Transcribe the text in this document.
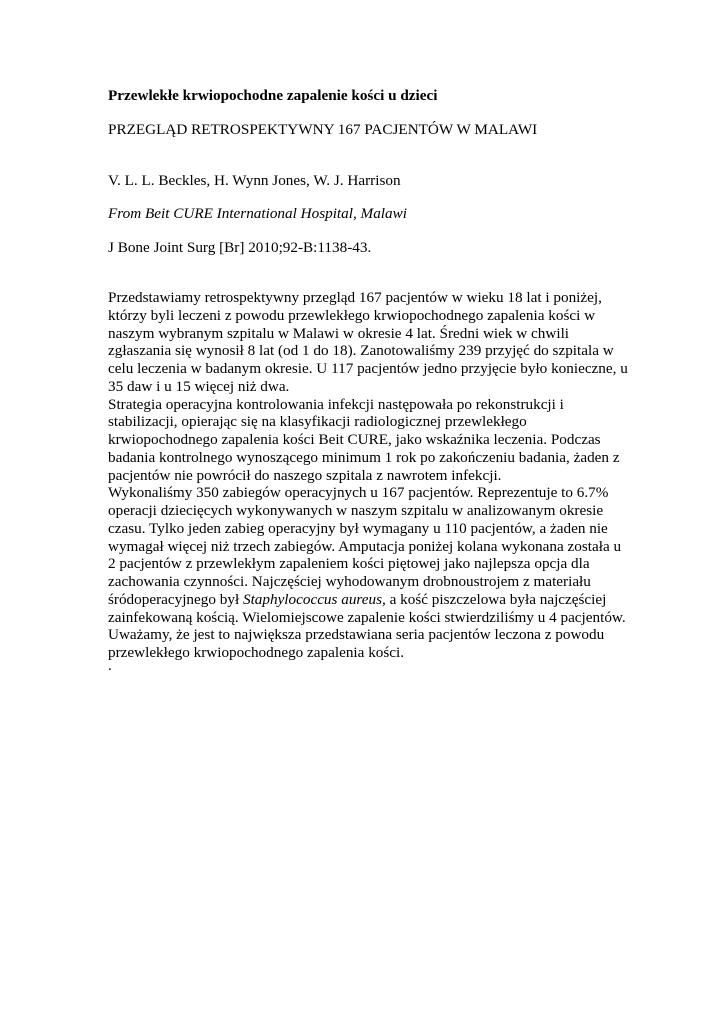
Przewlekłe krwiopochodne zapalenie kości u dzieci

PRZEGLĄD RETROSPEKTYWNY 167 PACJENTÓW W MALAWI

V. L. L. Beckles, H. Wynn Jones, W. J. Harrison

From Beit CURE International Hospital, Malawi

J Bone Joint Surg [Br] 2010;92-B:1138-43.

Przedstawiamy retrospektywny przegląd 167 pacjentów w wieku 18 lat i poniżej,
którzy byli leczeni z powodu przewlekłego krwiopochodnego zapalenia kości w
naszym wybranym szpitalu w Malawi w okresie 4 lat. Średni wiek w chwili
zgłaszania się wynosił 8 lat (od 1 do 18). Zanotowaliśmy 239 przyjęć do szpitala w
celu leczenia w badanym okresie. U 117 pacjentów jedno przyjęcie było konieczne, u
35 daw i u 15 więcej niż dwa.
Strategia operacyjna kontrolowania infekcji następowała po rekonstrukcji i
stabilizacji, opierając się na klasyfikacji radiologicznej przewlekłego
krwiopochodnego zapalenia kości Beit CURE, jako wskaźnika leczenia. Podczas
badania kontrolnego wynoszącego minimum 1 rok po zakończeniu badania, żaden z
pacjentów nie powrócił do naszego szpitala z nawrotem infekcji.
Wykonaliśmy 350 zabiegów operacyjnych u 167 pacjentów. Reprezentuje to 6.7%
operacji dziecięcych wykonywanych w naszym szpitalu w analizowanym okresie
czasu. Tylko jeden zabieg operacyjny był wymagany u 110 pacjentów, a żaden nie
wymagał więcej niż trzech zabiegów. Amputacja poniżej kolana wykonana została u
2 pacjentów z przewlekłym zapaleniem kości piętowej jako najlepsza opcja dla
zachowania czynności. Najczęściej wyhodowanym drobnoustrojem z materiału
śródoperacyjnego był Staphylococcus aureus, a kość piszczelowa była najczęściej
zainfekowaną kością. Wielomiejscowe zapalenie kości stwierdziliśmy u 4 pacjentów.
Uważamy, że jest to największa przedstawiana seria pacjentów leczona z powodu
przewlekłego krwiopochodnego zapalenia kości.

.
